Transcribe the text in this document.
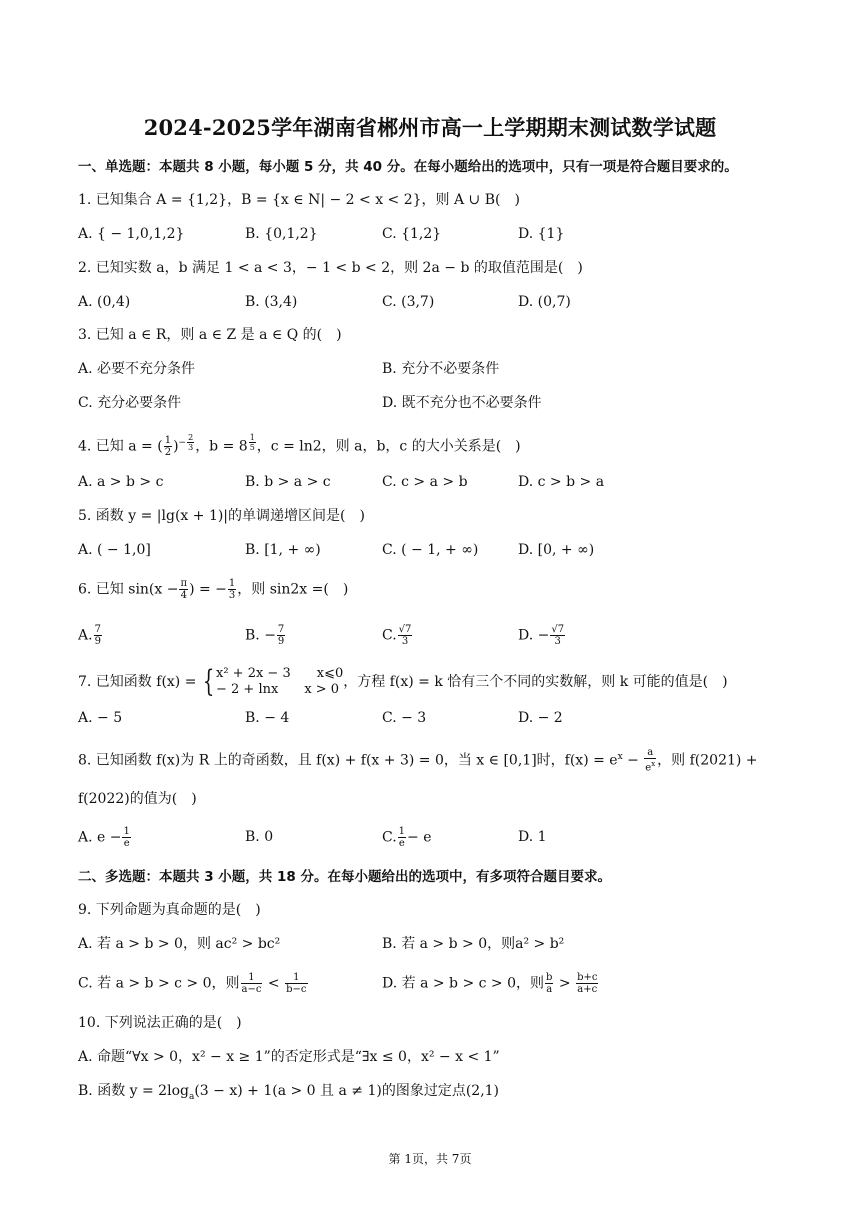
2024-2025学年湖南省郴州市高一上学期期末测试数学试题
一、单选题：本题共 8 小题，每小题 5 分，共 40 分。在每小题给出的选项中，只有一项是符合题目要求的。
1. 已知集合 A = {1,2}，B = {x ∈ N| − 2 < x < 2}，则 A ∪ B(　)
A. { − 1,0,1,2}	B. {0,1,2}	C. {1,2}	D. {1}
2. 已知实数 a，b 满足 1 < a < 3，− 1 < b < 2，则 2a − b 的取值范围是(　)
A. (0,4)	B. (3,4)	C. (3,7)	D. (0,7)
3. 已知 a ∈ R，则 a ∈ Z 是 a ∈ Q 的(　)
A. 必要不充分条件	B. 充分不必要条件
C. 充分必要条件	D. 既不充分也不必要条件
4. 已知 a = ( $\frac{1}{2} )^{- \frac{2}{3}}$ ，b = 8 $^{\frac{1}{5}}$ ，c = ln2，则 a，b，c 的大小关系是(　)
A. a > b > c	B. b > a > c	C. c > a > b	D. c > b > a
5. 函数 y = |lg(x + 1)|的单调递增区间是(　)
A. ( − 1,0]	B. [1, + ∞)	C. ( − 1, + ∞)	D. [0, + ∞)
6. 已知 $\sin(x - \frac{\pi}{4}$ ) = − $\frac{1}{3}$ ，则 sin2x =(　)
A. $\frac{7}{9}$	B. − $\frac{7}{9}$	C. $\frac{√7}{3}$	D. − $\frac{√7}{3}$
7. 已知函数 f(x) = { x² + 2x − 3　　x⩽0
− 2 + lnx　　x > 0 ，方程 f(x) = k 恰有三个不同的实数解，则 k 可能的值是(　)
A. − 5	B. − 4	C. − 3	D. − 2
8. 已知函数 f(x)为 R 上的奇函数，且 f(x) + f(x + 3) = 0，当 x ∈ [0,1]时，$f(x) = e^x - \frac{a}{e^x}$ ，则 f(2021) +
f(2022)的值为(　)
A. $e - \frac{1}{e}$	B. 0	C. $\frac{1}{e} - e$	D. 1
二、多选题：本题共 3 小题，共 18 分。在每小题给出的选项中，有多项符合题目要求。
9. 下列命题为真命题的是(　)
A. 若 a > b > 0，则 ac² > bc²	B. 若 a > b > 0，则a² > b²
C. 若 a > b > c > 0，则 $\frac{1}{a-c} < \frac{1}{b-c}$	D. 若 a > b > c > 0，则 $\frac{b}{a} > \frac{b+c}{a+c}$
10. 下列说法正确的是(　)
A. 命题“∀x > 0，x² − x ≥ 1”的否定形式是“∃x ≤ 0，x² − x < 1”
B. 函数 $y = 2\log_a(3 - x) + 1(a > 0$ 且 a ≠ 1)的图象过定点(2,1)
第 1页，共 7页
